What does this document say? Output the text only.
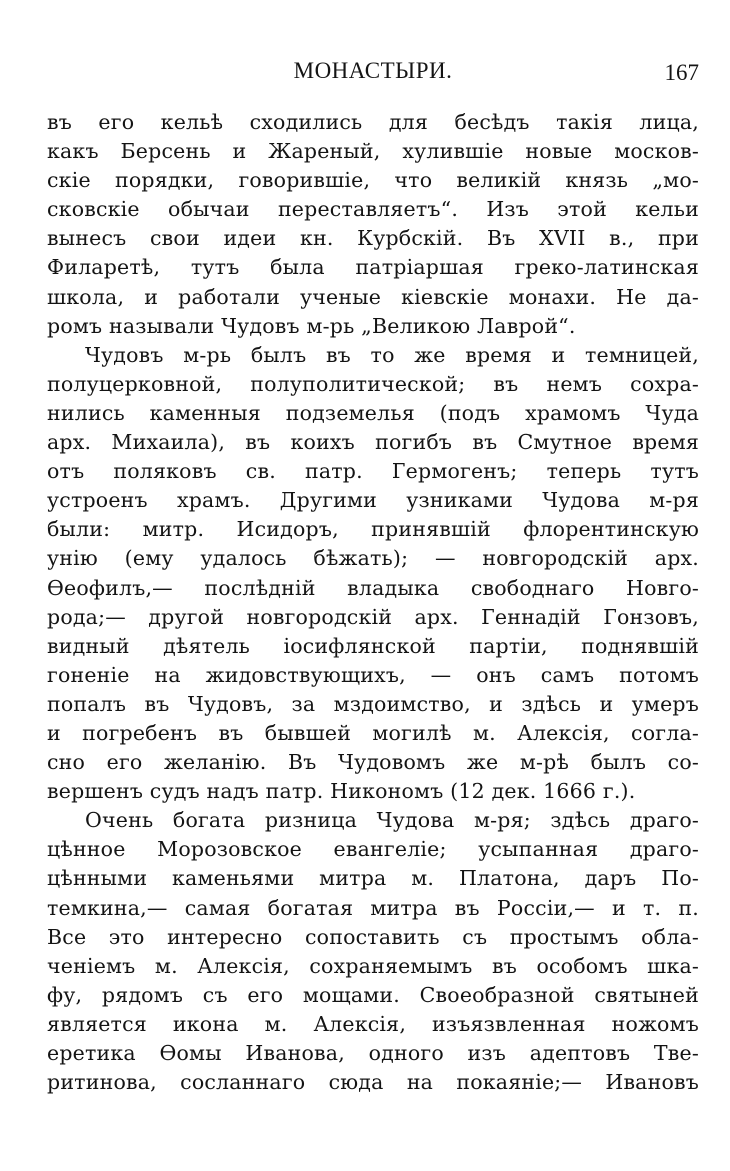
МОНАСТЫРИ.	167
въ его кельѣ сходились для бесѣдъ такія лица,
какъ Берсень и Жареный, хулившіе новые москов-
скіе порядки, говорившіе, что великій князь „мо-
сковскіе обычаи переставляетъ“. Изъ этой кельи
вынесъ свои идеи кн. Курбскій. Въ XVII в., при
Филаретѣ, тутъ была патріаршая греко-латинская
школа, и работали ученые кіевскіе монахи. Не да-
ромъ называли Чудовъ м-рь „Великою Лаврой“.
Чудовъ м-рь былъ въ то же время и темницей,
полуцерковной, полуполитической; въ немъ сохра-
нились каменныя подземелья (подъ храмомъ Чуда
арх. Михаила), въ коихъ погибъ въ Смутное время
отъ поляковъ св. патр. Гермогенъ; теперь тутъ
устроенъ храмъ. Другими узниками Чудова м-ря
были: митр. Исидоръ, принявшій флорентинскую
унію (ему удалось бѣжать); — новгородскій арх.
Ѳеофилъ,— послѣдній владыка свободнаго Новго-
рода;— другой новгородскій арх. Геннадій Гонзовъ,
видный дѣятель іосифлянской партіи, поднявшій
гоненіе на жидовствующихъ, — онъ самъ потомъ
попалъ въ Чудовъ, за мздоимство, и здѣсь и умеръ
и погребенъ въ бывшей могилѣ м. Алексія, согла-
сно его желанію. Въ Чудовомъ же м-рѣ былъ со-
вершенъ судъ надъ патр. Никономъ (12 дек. 1666 г.).
Очень богата ризница Чудова м-ря; здѣсь драго-
цѣнное Морозовское евангеліе; усыпанная драго-
цѣнными каменьями митра м. Платона, даръ По-
темкина,— самая богатая митра въ Россіи,— и т. п.
Все это интересно сопоставить съ простымъ обла-
ченіемъ м. Алексія, сохраняемымъ въ особомъ шка-
фу, рядомъ съ его мощами. Своеобразной святыней
является икона м. Алексія, изъязвленная ножомъ
еретика Ѳомы Иванова, одного изъ адептовъ Тве-
ритинова, сосланнаго сюда на покаяніе;— Ивановъ
